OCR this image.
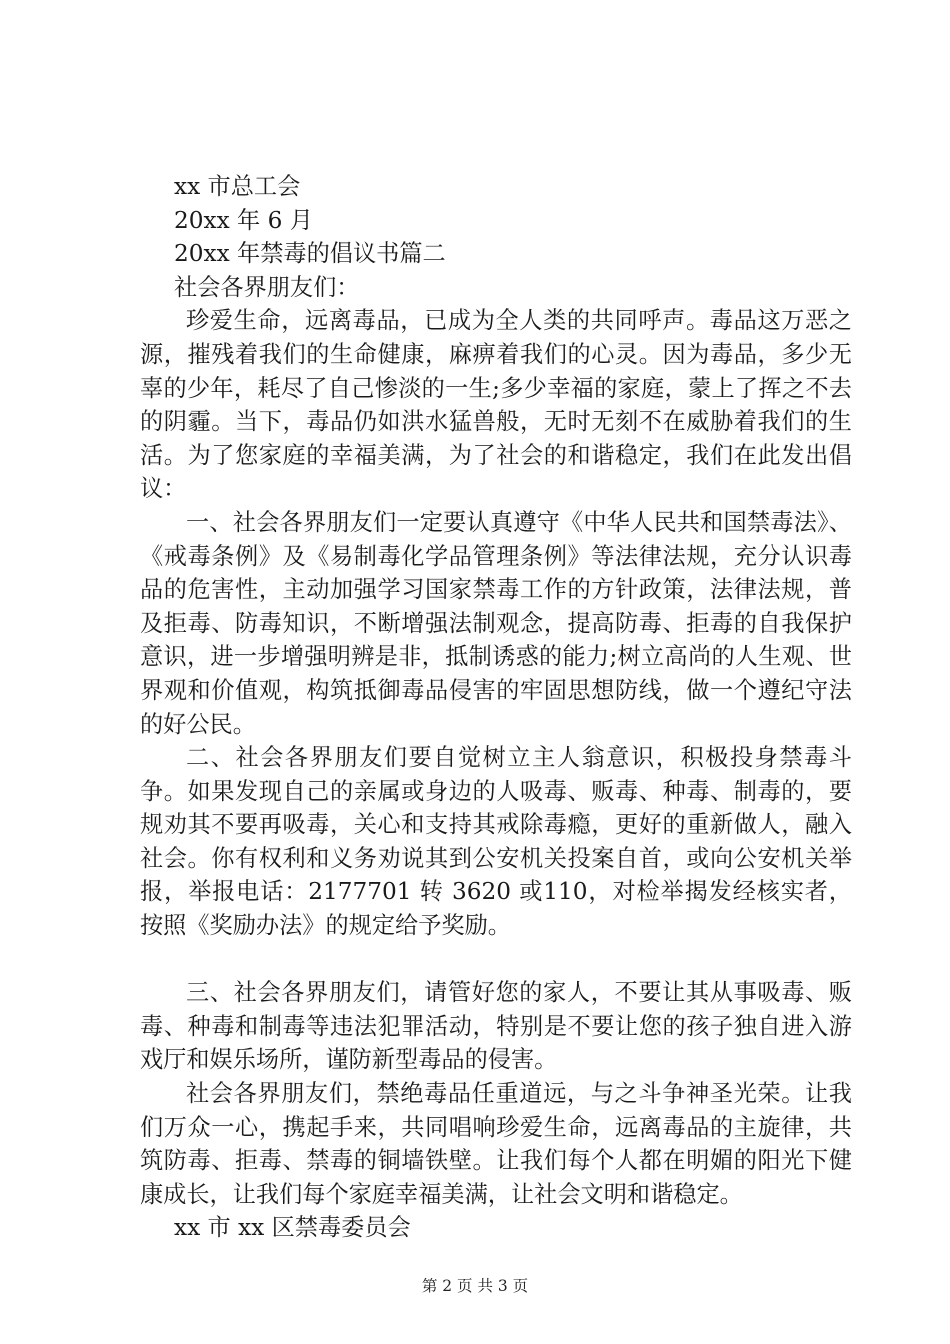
xx 市总工会

20xx 年 6 月

20xx 年禁毒的倡议书篇二

社会各界朋友们：

珍爱生命，远离毒品，已成为全人类的共同呼声。毒品这万恶之源，摧残着我们的生命健康，麻痹着我们的心灵。因为毒品，多少无辜的少年，耗尽了自己惨淡的一生;多少幸福的家庭，蒙上了挥之不去的阴霾。当下，毒品仍如洪水猛兽般，无时无刻不在威胁着我们的生活。为了您家庭的幸福美满，为了社会的和谐稳定，我们在此发出倡议：

一、社会各界朋友们一定要认真遵守《中华人民共和国禁毒法》、《戒毒条例》及《易制毒化学品管理条例》等法律法规，充分认识毒品的危害性，主动加强学习国家禁毒工作的方针政策，法律法规，普及拒毒、防毒知识，不断增强法制观念，提高防毒、拒毒的自我保护意识，进一步增强明辨是非，抵制诱惑的能力;树立高尚的人生观、世界观和价值观，构筑抵御毒品侵害的牢固思想防线，做一个遵纪守法的好公民。

二、社会各界朋友们要自觉树立主人翁意识，积极投身禁毒斗争。如果发现自己的亲属或身边的人吸毒、贩毒、种毒、制毒的，要规劝其不要再吸毒，关心和支持其戒除毒瘾，更好的重新做人，融入社会。你有权利和义务劝说其到公安机关投案自首，或向公安机关举报，举报电话：2177701 转 3620 或110，对检举揭发经核实者，按照《奖励办法》的规定给予奖励。

三、社会各界朋友们，请管好您的家人，不要让其从事吸毒、贩毒、种毒和制毒等违法犯罪活动，特别是不要让您的孩子独自进入游戏厅和娱乐场所，谨防新型毒品的侵害。

社会各界朋友们，禁绝毒品任重道远，与之斗争神圣光荣。让我们万众一心，携起手来，共同唱响珍爱生命，远离毒品的主旋律，共筑防毒、拒毒、禁毒的铜墙铁壁。让我们每个人都在明媚的阳光下健康成长，让我们每个家庭幸福美满，让社会文明和谐稳定。

xx 市 xx 区禁毒委员会

第 2 页 共 3 页
